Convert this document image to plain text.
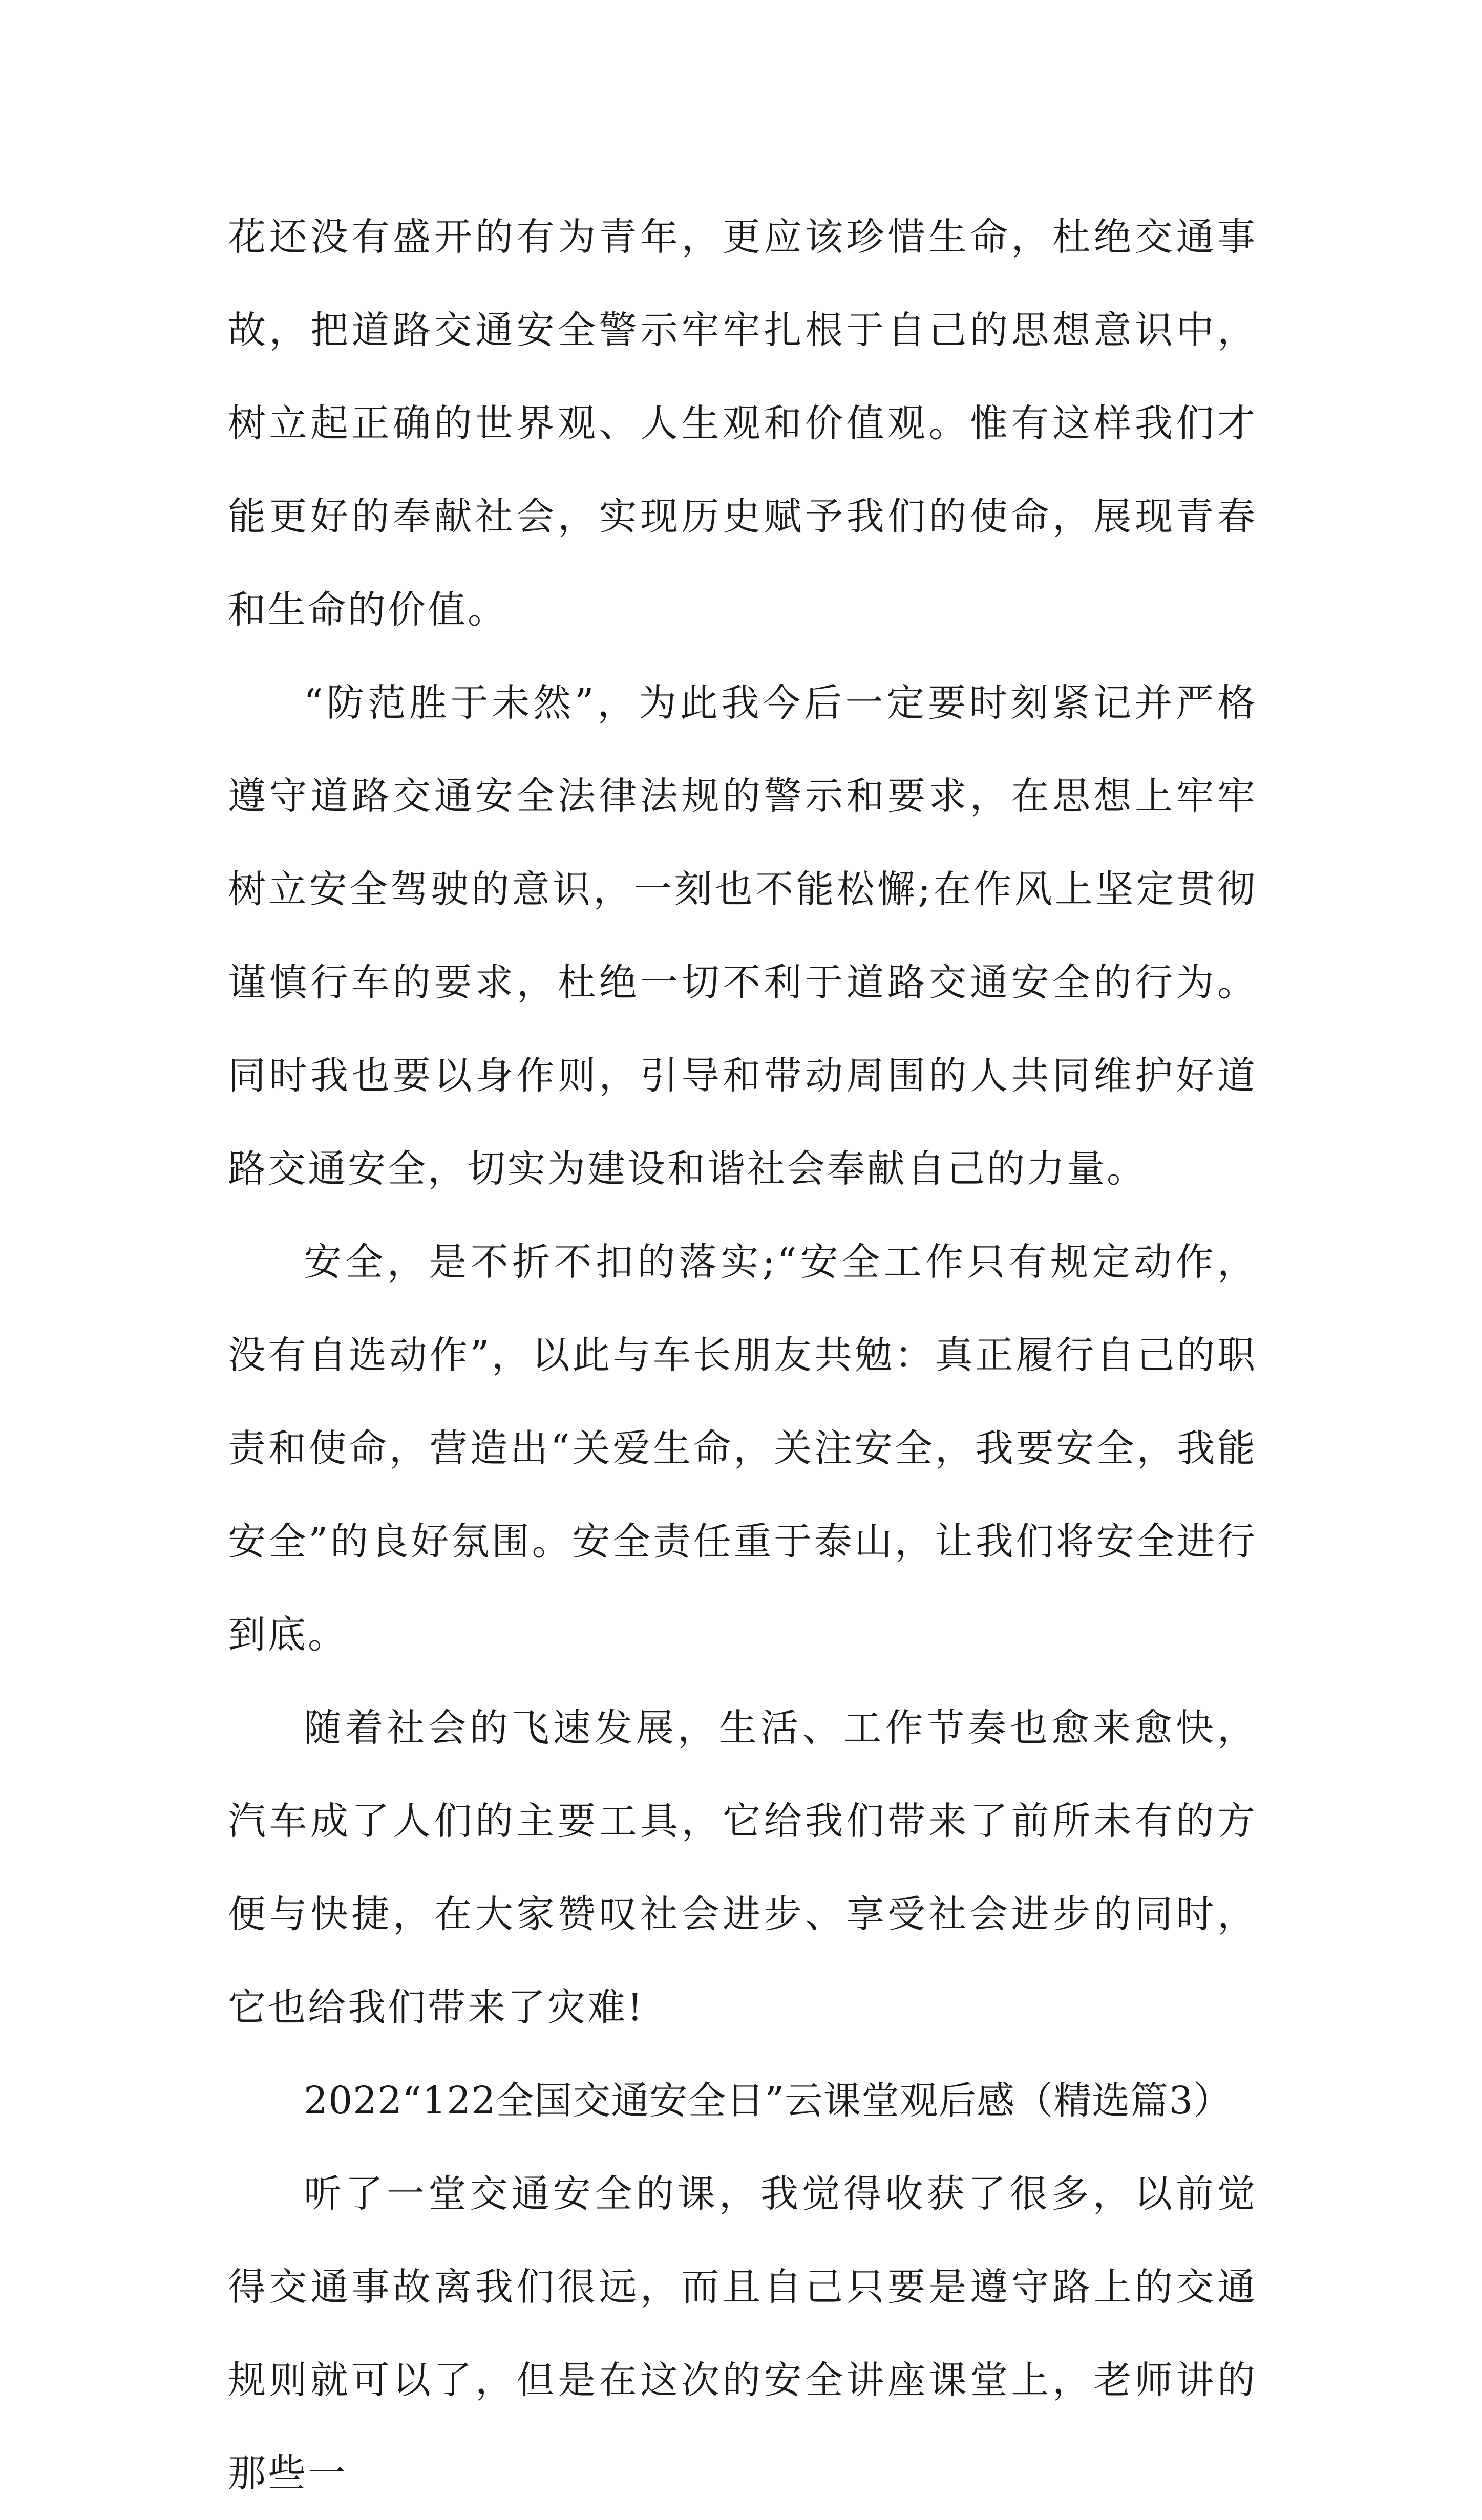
花还没有盛开的有为青年，更应该珍惜生命，杜绝交通事故，把道路交通安全警示牢牢扎根于自己的思想意识中，树立起正确的世界观、人生观和价值观。惟有这样我们才能更好的奉献社会，实现历史赋予我们的使命，展现青春和生命的价值。

“防范胜于未然”，为此我今后一定要时刻紧记并严格遵守道路交通安全法律法规的警示和要求，在思想上牢牢树立安全驾驶的意识，一刻也不能松懈;在作风上坚定贯彻谨慎行车的要求，杜绝一切不利于道路交通安全的行为。同时我也要以身作则，引导和带动周围的人共同维护好道路交通安全，切实为建设和谐社会奉献自己的力量。

安全，是不折不扣的落实;“安全工作只有规定动作，没有自选动作”，以此与车长朋友共勉：真正履行自己的职责和使命，营造出“关爱生命，关注安全，我要安全，我能安全”的良好氛围。安全责任重于泰山，让我们将安全进行到底。

随着社会的飞速发展，生活、工作节奏也愈来愈快，汽车成了人们的主要工具，它给我们带来了前所未有的方便与快捷，在大家赞叹社会进步、享受社会进步的同时，它也给我们带来了灾难!

2022“122全国交通安全日”云课堂观后感（精选篇3）

听了一堂交通安全的课，我觉得收获了很多，以前觉得交通事故离我们很远，而且自己只要是遵守路上的交通规则就可以了，但是在这次的安全讲座课堂上，老师讲的那些一
